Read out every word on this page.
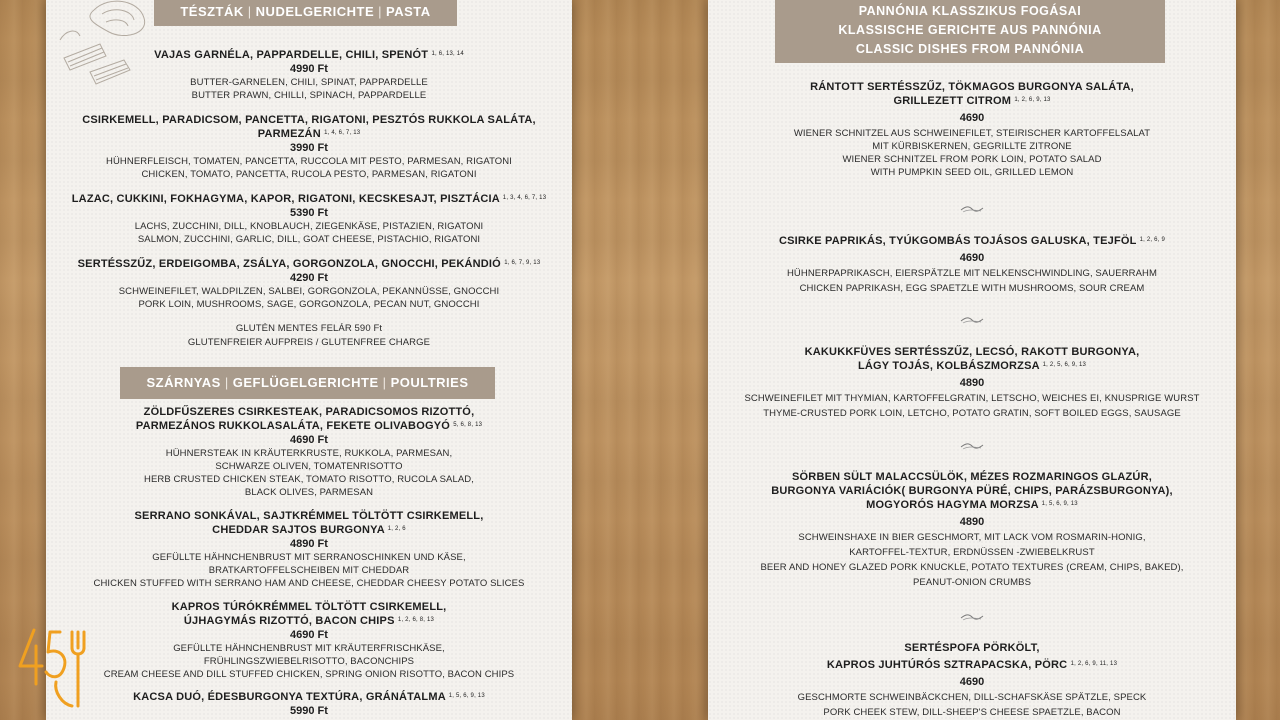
TÉSZTÁK | NUDELGERICHTE | PASTA
VAJAS GARNÉLA, PAPPARDELLE, CHILI, SPENÓT $^{1, 6, 13, 14}$
4990 Ft
BUTTER-GARNELEN, CHILI, SPINAT, PAPPARDELLE
BUTTER PRAWN, CHILLI, SPINACH, PAPPARDELLE
CSIRKEMELL, PARADICSOM, PANCETTA, RIGATONI, PESZTÓS RUKKOLA SALÁTA,
PARMEZÁN $^{1, 4, 6, 7, 13}$
3990 Ft
HÜHNERFLEISCH, TOMATEN, PANCETTA, RUCCOLA MIT PESTO, PARMESAN, RIGATONI
CHICKEN, TOMATO, PANCETTA, RUCOLA PESTO, PARMESAN, RIGATONI
LAZAC, CUKKINI, FOKHAGYMA, KAPOR, RIGATONI, KECSKESAJT, PISZTÁCIA $^{1, 3, 4, 6, 7, 13}$
5390 Ft
LACHS, ZUCCHINI, DILL, KNOBLAUCH, ZIEGENKÄSE, PISTAZIEN, RIGATONI
SALMON, ZUCCHINI, GARLIC, DILL, GOAT CHEESE, PISTACHIO, RIGATONI
SERTÉSSZŰZ, ERDEIGOMBA, ZSÁLYA, GORGONZOLA, GNOCCHI, PEKÁNDIÓ $^{1, 6, 7, 9, 13}$
4290 Ft
SCHWEINEFILET, WALDPILZEN, SALBEI, GORGONZOLA, PEKANNÜSSE, GNOCCHI
PORK LOIN, MUSHROOMS, SAGE, GORGONZOLA, PECAN NUT, GNOCCHI
GLUTÉN MENTES FELÁR 590 Ft
GLUTENFREIER AUFPREIS / GLUTENFREE CHARGE
SZÁRNYAS | GEFLÜGELGERICHTE | POULTRIES
ZÖLDFŰSZERES CSIRKESTEAK, PARADICSOMOS RIZOTTÓ,
PARMEZÁNOS RUKKOLASALÁTA, FEKETE OLIVABOGYÓ $^{5, 6, 8, 13}$
4690 Ft
HÜHNERSTEAK IN KRÄUTERKRUSTE, RUKKOLA, PARMESAN,
SCHWARZE OLIVEN, TOMATENRISOTTO
HERB CRUSTED CHICKEN STEAK, TOMATO RISOTTO, RUCOLA SALAD,
BLACK OLIVES, PARMESAN
SERRANO SONKÁVAL, SAJTKRÉMMEL TÖLTÖTT CSIRKEMELL,
CHEDDAR SAJTOS BURGONYA $^{1, 2, 6}$
4890 Ft
GEFÜLLTE HÄHNCHENBRUST MIT SERRANOSCHINKEN UND KÄSE,
BRATKARTOFFELSCHEIBEN MIT CHEDDAR
CHICKEN STUFFED WITH SERRANO HAM AND CHEESE, CHEDDAR CHEESY POTATO SLICES
KAPROS TÚRÓKRÉMMEL TÖLTÖTT CSIRKEMELL,
ÚJHAGYMÁS RIZOTTÓ, BACON CHIPS $^{1, 2, 6, 8, 13}$
4690 Ft
GEFÜLLTE HÄHNCHENBRUST MIT KRÄUTERFRISCHKÄSE,
FRÜHLINGSZWIEBELRISOTTO, BACONCHIPS
CREAM CHEESE AND DILL STUFFED CHICKEN, SPRING ONION RISOTTO, BACON CHIPS
KACSA DUÓ, ÉDESBURGONYA TEXTÚRA, GRÁNÁTALMA $^{1, 5, 6, 9, 13}$
5990 Ft
PANNÓNIA KLASSZIKUS FOGÁSAI
KLASSISCHE GERICHTE AUS PANNÓNIA
CLASSIC DISHES FROM PANNÓNIA
RÁNTOTT SERTÉSSZŰZ, TÖKMAGOS BURGONYA SALÁTA,
GRILLEZETT CITROM $^{1, 2, 6, 9, 13}$
4690
WIENER SCHNITZEL AUS SCHWEINEFILET, STEIRISCHER KARTOFFELSALAT
MIT KÜRBISKERNEN, GEGRILLTE ZITRONE
WIENER SCHNITZEL FROM PORK LOIN, POTATO SALAD
WITH PUMPKIN SEED OIL, GRILLED LEMON
CSIRKE PAPRIKÁS, TYÚKGOMBÁS TOJÁSOS GALUSKA, TEJFÖL $^{1, 2, 6, 9}$
4690
HÜHNERPAPRIKASCH, EIERSPÄTZLE MIT NELKENSCHWINDLING, SAUERRAHM
CHICKEN PAPRIKASH, EGG SPAETZLE WITH MUSHROOMS, SOUR CREAM
KAKUKKFÜVES SERTÉSSZŰZ, LECSÓ, RAKOTT BURGONYA,
LÁGY TOJÁS, KOLBÁSZMORZSA $^{1, 2, 5, 6, 9, 13}$
4890
SCHWEINEFILET MIT THYMIAN, KARTOFFELGRATIN, LETSCHO, WEICHES EI, KNUSPRIGE WURST
THYME-CRUSTED PORK LOIN, LETCHO, POTATO GRATIN, SOFT BOILED EGGS, SAUSAGE
SÖRBEN SÜLT MALACCSÜLÖK, MÉZES ROZMARINGOS GLAZÚR,
BURGONYA VARIÁCIÓK( BURGONYA PÜRÉ, CHIPS, PARÁZSBURGONYA),
MOGYORÓS HAGYMA MORZSA $^{1, 5, 6, 9, 13}$
4890
SCHWEINSHAXE IN BIER GESCHMORT, MIT LACK VOM ROSMARIN-HONIG,
KARTOFFEL-TEXTUR, ERDNÜSSEN -ZWIEBELKRUST
BEER AND HONEY GLAZED PORK KNUCKLE, POTATO TEXTURES (CREAM, CHIPS, BAKED),
PEANUT-ONION CRUMBS
SERTÉSPOFA PÖRKÖLT,
KAPROS JUHTÚRÓS SZTRAPACSKA, PÖRC $^{1, 2, 6, 9, 11, 13}$
4690
GESCHMORTE SCHWEINBÄCKCHEN, DILL-SCHAFSKÄSE SPÄTZLE, SPECK
PORK CHEEK STEW, DILL-SHEEP'S CHEESE SPAETZLE, BACON
